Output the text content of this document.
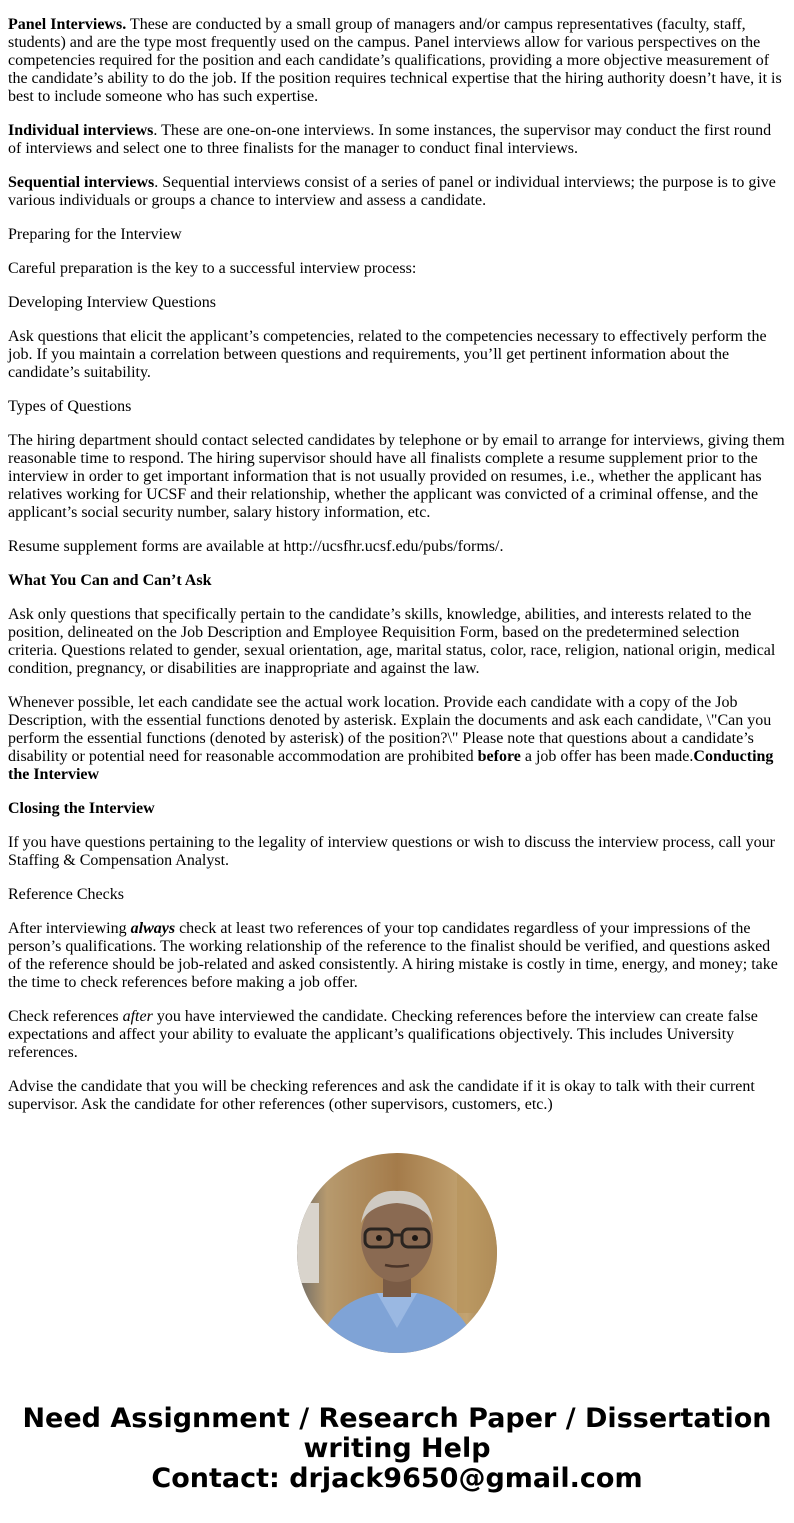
Panel Interviews. These are conducted by a small group of managers and/or campus representatives (faculty, staff, students) and are the type most frequently used on the campus. Panel interviews allow for various perspectives on the competencies required for the position and each candidate’s qualifications, providing a more objective measurement of the candidate’s ability to do the job. If the position requires technical expertise that the hiring authority doesn’t have, it is best to include someone who has such expertise.

Individual interviews. These are one-on-one interviews. In some instances, the supervisor may conduct the first round of interviews and select one to three finalists for the manager to conduct final interviews.

Sequential interviews. Sequential interviews consist of a series of panel or individual interviews; the purpose is to give various individuals or groups a chance to interview and assess a candidate.

Preparing for the Interview

Careful preparation is the key to a successful interview process:

Developing Interview Questions

Ask questions that elicit the applicant’s competencies, related to the competencies necessary to effectively perform the job. If you maintain a correlation between questions and requirements, you’ll get pertinent information about the candidate’s suitability.

Types of Questions

The hiring department should contact selected candidates by telephone or by email to arrange for interviews, giving them reasonable time to respond. The hiring supervisor should have all finalists complete a resume supplement prior to the interview in order to get important information that is not usually provided on resumes, i.e., whether the applicant has relatives working for UCSF and their relationship, whether the applicant was convicted of a criminal offense, and the applicant’s social security number, salary history information, etc.

Resume supplement forms are available at http://ucsfhr.ucsf.edu/pubs/forms/.

What You Can and Can’t Ask

Ask only questions that specifically pertain to the candidate’s skills, knowledge, abilities, and interests related to the position, delineated on the Job Description and Employee Requisition Form, based on the predetermined selection criteria. Questions related to gender, sexual orientation, age, marital status, color, race, religion, national origin, medical condition, pregnancy, or disabilities are inappropriate and against the law.

Whenever possible, let each candidate see the actual work location. Provide each candidate with a copy of the Job Description, with the essential functions denoted by asterisk. Explain the documents and ask each candidate, \"Can you perform the essential functions (denoted by asterisk) of the position?\" Please note that questions about a candidate’s disability or potential need for reasonable accommodation are prohibited before a job offer has been made.Conducting the Interview

Closing the Interview

If you have questions pertaining to the legality of interview questions or wish to discuss the interview process, call your Staffing & Compensation Analyst.

Reference Checks

After interviewing always check at least two references of your top candidates regardless of your impressions of the person’s qualifications. The working relationship of the reference to the finalist should be verified, and questions asked of the reference should be job-related and asked consistently. A hiring mistake is costly in time, energy, and money; take the time to check references before making a job offer.

Check references after you have interviewed the candidate. Checking references before the interview can create false expectations and affect your ability to evaluate the applicant’s qualifications objectively. This includes University references.

Advise the candidate that you will be checking references and ask the candidate if it is okay to talk with their current supervisor. Ask the candidate for other references (other supervisors, customers, etc.)

Need Assignment / Research Paper / Dissertation
writing Help
Contact: drjack9650@gmail.com
